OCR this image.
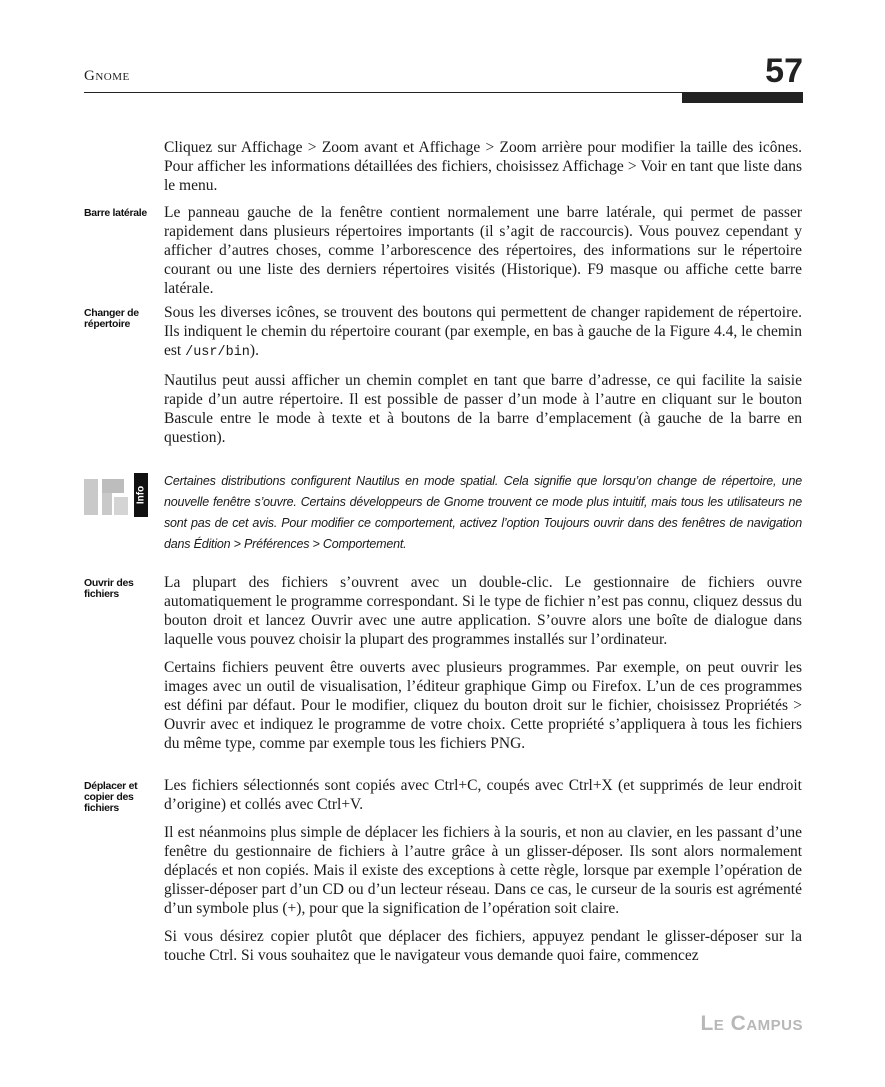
Gnome	57

Cliquez sur Affichage > Zoom avant et Affichage > Zoom arrière pour modifier la taille des icônes. Pour afficher les informations détaillées des fichiers, choisissez Affichage > Voir en tant que liste dans le menu.

Barre latérale	Le panneau gauche de la fenêtre contient normalement une barre latérale, qui permet de passer rapidement dans plusieurs répertoires importants (il s’agit de raccourcis). Vous pouvez cependant y afficher d’autres choses, comme l’arborescence des répertoires, des informations sur le répertoire courant ou une liste des derniers répertoires visités (Historique). F9 masque ou affiche cette barre latérale.

Changer de répertoire

Sous les diverses icônes, se trouvent des boutons qui permettent de changer rapidement de répertoire. Ils indiquent le chemin du répertoire courant (par exemple, en bas à gauche de la Figure 4.4, le chemin est /usr/bin).

Nautilus peut aussi afficher un chemin complet en tant que barre d’adresse, ce qui facilite la saisie rapide d’un autre répertoire. Il est possible de passer d’un mode à l’autre en cliquant sur le bouton Bascule entre le mode à texte et à boutons de la barre d’emplacement (à gauche de la barre en question).

Info
Certaines distributions configurent Nautilus en mode spatial. Cela signifie que lorsqu’on change de répertoire, une nouvelle fenêtre s’ouvre. Certains développeurs de Gnome trouvent ce mode plus intuitif, mais tous les utilisateurs ne sont pas de cet avis. Pour modifier ce comportement, activez l’option Toujours ouvrir dans des fenêtres de navigation dans Édition > Préférences > Comportement.
Ouvrir des fichiers

La plupart des fichiers s’ouvrent avec un double-clic. Le gestionnaire de fichiers ouvre automatiquement le programme correspondant. Si le type de fichier n’est pas connu, cliquez dessus du bouton droit et lancez Ouvrir avec une autre application. S’ouvre alors une boîte de dialogue dans laquelle vous pouvez choisir la plupart des programmes installés sur l’ordinateur.

Certains fichiers peuvent être ouverts avec plusieurs programmes. Par exemple, on peut ouvrir les images avec un outil de visualisation, l’éditeur graphique Gimp ou Firefox. L’un de ces programmes est défini par défaut. Pour le modifier, cliquez du bouton droit sur le fichier, choisissez Propriétés > Ouvrir avec et indiquez le programme de votre choix. Cette propriété s’appliquera à tous les fichiers du même type, comme par exemple tous les fichiers PNG.

Déplacer et copier des fichiers

Les fichiers sélectionnés sont copiés avec Ctrl+C, coupés avec Ctrl+X (et supprimés de leur endroit d’origine) et collés avec Ctrl+V.

Il est néanmoins plus simple de déplacer les fichiers à la souris, et non au clavier, en les passant d’une fenêtre du gestionnaire de fichiers à l’autre grâce à un glisser-déposer. Ils sont alors normalement déplacés et non copiés. Mais il existe des exceptions à cette règle, lorsque par exemple l’opération de glisser-déposer part d’un CD ou d’un lecteur réseau. Dans ce cas, le curseur de la souris est agrémenté d’un symbole plus (+), pour que la signification de l’opération soit claire.

Si vous désirez copier plutôt que déplacer des fichiers, appuyez pendant le glisser-déposer sur la touche Ctrl. Si vous souhaitez que le navigateur vous demande quoi faire, commencez

Le Campus
